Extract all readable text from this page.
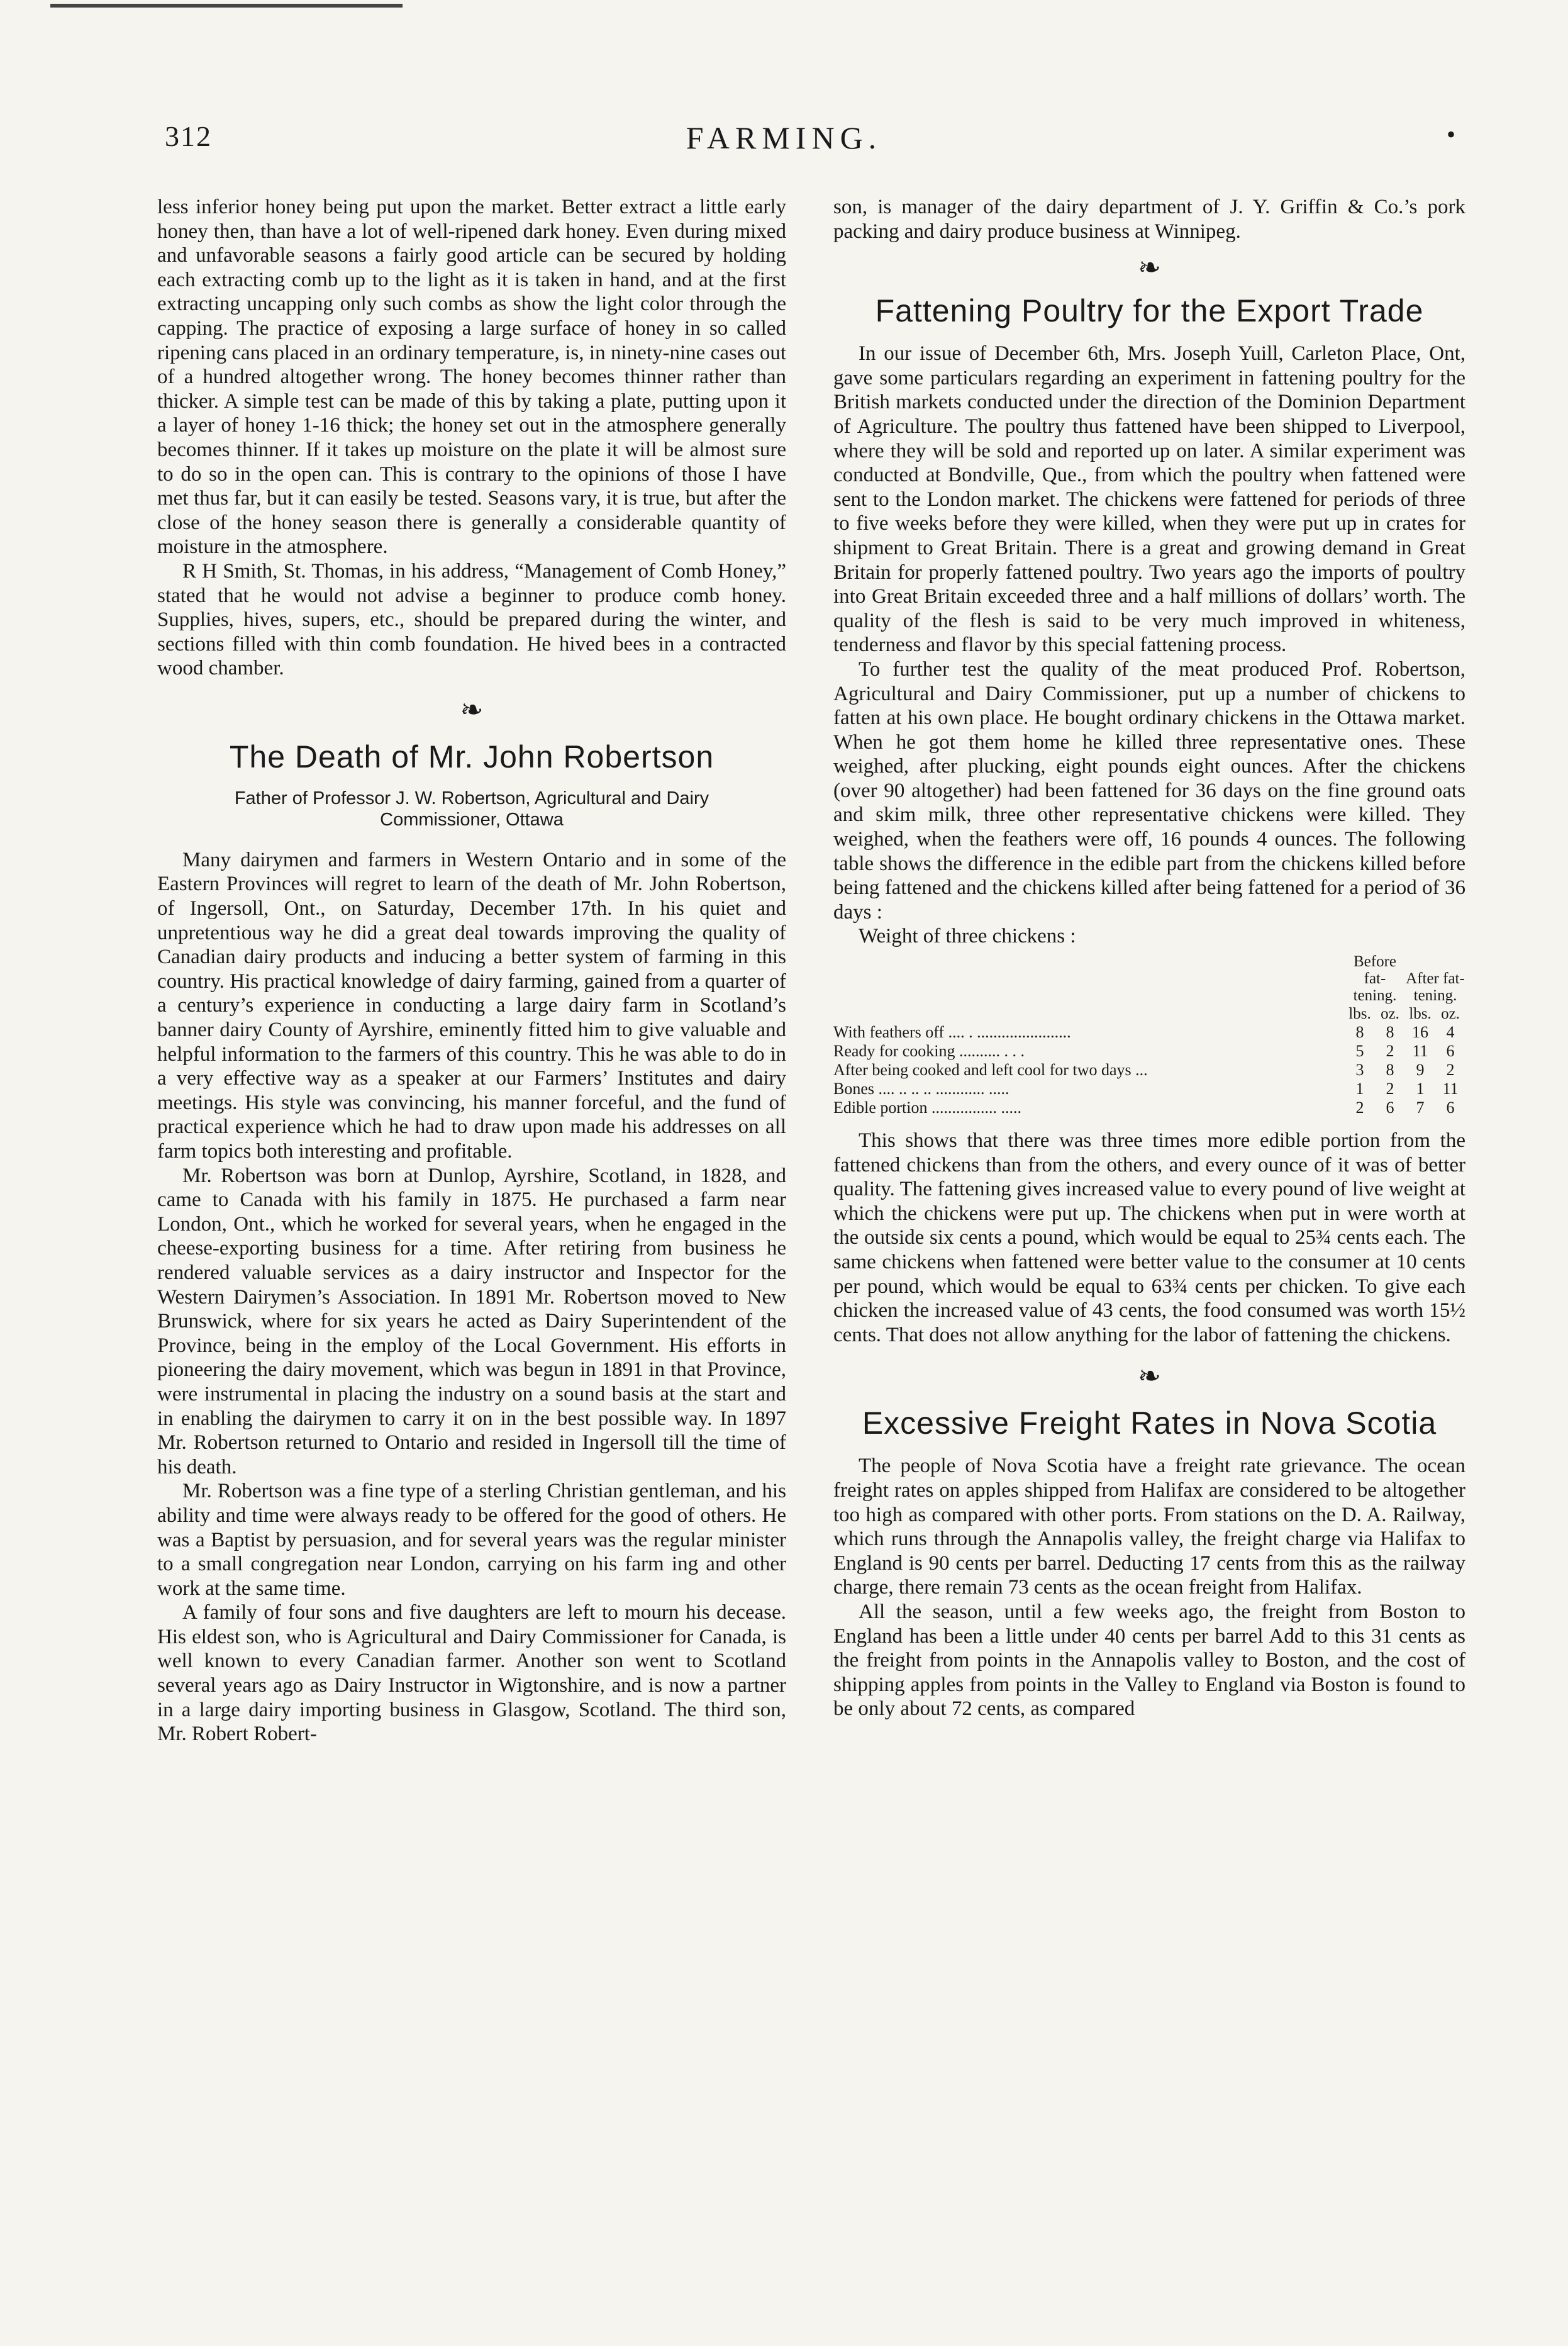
312	FARMING.	•

less inferior honey being put upon the market. Better extract a little early honey then, than have a lot of well-ripened dark honey. Even during mixed and unfavorable seasons a fairly good article can be secured by holding each extracting comb up to the light as it is taken in hand, and at the first extracting uncapping only such combs as show the light color through the capping. The practice of exposing a large surface of honey in so called ripening cans placed in an ordinary temperature, is, in ninety-nine cases out of a hundred altogether wrong. The honey becomes thinner rather than thicker. A simple test can be made of this by taking a plate, putting upon it a layer of honey 1-16 thick; the honey set out in the atmosphere generally becomes thinner. If it takes up moisture on the plate it will be almost sure to do so in the open can. This is contrary to the opinions of those I have met thus far, but it can easily be tested. Seasons vary, it is true, but after the close of the honey season there is generally a considerable quantity of moisture in the atmosphere.

R H Smith, St. Thomas, in his address, “Management of Comb Honey,” stated that he would not advise a beginner to produce comb honey. Supplies, hives, supers, etc., should be prepared during the winter, and sections filled with thin comb foundation. He hived bees in a contracted wood chamber.

❧
The Death of Mr. John Robertson
Father of Professor J. W. Robertson, Agricultural and Dairy Commissioner, Ottawa

Many dairymen and farmers in Western Ontario and in some of the Eastern Provinces will regret to learn of the death of Mr. John Robertson, of Ingersoll, Ont., on Saturday, December 17th. In his quiet and unpretentious way he did a great deal towards improving the quality of Canadian dairy products and inducing a better system of farming in this country. His practical knowledge of dairy farming, gained from a quarter of a century’s experience in conducting a large dairy farm in Scotland’s banner dairy County of Ayrshire, eminently fitted him to give valuable and helpful information to the farmers of this country. This he was able to do in a very effective way as a speaker at our Farmers’ Institutes and dairy meetings. His style was convincing, his manner forceful, and the fund of practical experience which he had to draw upon made his addresses on all farm topics both interesting and profitable.

Mr. Robertson was born at Dunlop, Ayrshire, Scotland, in 1828, and came to Canada with his family in 1875. He purchased a farm near London, Ont., which he worked for several years, when he engaged in the cheese-exporting business for a time. After retiring from business he rendered valuable services as a dairy instructor and Inspector for the Western Dairymen’s Association. In 1891 Mr. Robertson moved to New Brunswick, where for six years he acted as Dairy Superintendent of the Province, being in the employ of the Local Government. His efforts in pioneering the dairy movement, which was begun in 1891 in that Province, were instrumental in placing the industry on a sound basis at the start and in enabling the dairymen to carry it on in the best possible way. In 1897 Mr. Robertson returned to Ontario and resided in Ingersoll till the time of his death.

Mr. Robertson was a fine type of a sterling Christian gentleman, and his ability and time were always ready to be offered for the good of others. He was a Baptist by persuasion, and for several years was the regular minister to a small congregation near London, carrying on his farm ing and other work at the same time.

A family of four sons and five daughters are left to mourn his decease. His eldest son, who is Agricultural and Dairy Commissioner for Canada, is well known to every Canadian farmer. Another son went to Scotland several years ago as Dairy Instructor in Wigtonshire, and is now a partner in a large dairy importing business in Glasgow, Scotland. The third son, Mr. Robert Robert-

son, is manager of the dairy department of J. Y. Griffin & Co.’s pork packing and dairy produce business at Winnipeg.

❧
Fattening Poultry for the Export Trade

In our issue of December 6th, Mrs. Joseph Yuill, Carleton Place, Ont, gave some particulars regarding an experiment in fattening poultry for the British markets conducted under the direction of the Dominion Department of Agriculture. The poultry thus fattened have been shipped to Liverpool, where they will be sold and reported up on later. A similar experiment was conducted at Bondville, Que., from which the poultry when fattened were sent to the London market. The chickens were fattened for periods of three to five weeks before they were killed, when they were put up in crates for shipment to Great Britain. There is a great and growing demand in Great Britain for properly fattened poultry. Two years ago the imports of poultry into Great Britain exceeded three and a half millions of dollars’ worth. The quality of the flesh is said to be very much improved in whiteness, tenderness and flavor by this special fattening process.

To further test the quality of the meat produced Prof. Robertson, Agricultural and Dairy Commissioner, put up a number of chickens to fatten at his own place. He bought ordinary chickens in the Ottawa market. When he got them home he killed three representative ones. These weighed, after plucking, eight pounds eight ounces. After the chickens (over 90 altogether) had been fattened for 36 days on the fine ground oats and skim milk, three other representative chickens were killed. They weighed, when the feathers were off, 16 pounds 4 ounces. The following table shows the difference in the edible part from the chickens killed before being fattened and the chickens killed after being fattened for a period of 36 days :

Weight of three chickens :

	Before fat-tening.		After fat-tening.	
	lbs.	oz.	lbs.	oz.
With feathers off .... . .......................	8	8	16	4
Ready for cooking .......... . . .	5	2	11	6
After being cooked and left cool for two days ...	3	8	9	2
Bones .... .. .. .. ............ .....	1	2	1	11
Edible portion ................ .....	2	6	7	6

This shows that there was three times more edible portion from the fattened chickens than from the others, and every ounce of it was of better quality. The fattening gives increased value to every pound of live weight at which the chickens were put up. The chickens when put in were worth at the outside six cents a pound, which would be equal to 25¾ cents each. The same chickens when fattened were better value to the consumer at 10 cents per pound, which would be equal to 63¾ cents per chicken. To give each chicken the increased value of 43 cents, the food consumed was worth 15½ cents. That does not allow anything for the labor of fattening the chickens.

❧
Excessive Freight Rates in Nova Scotia

The people of Nova Scotia have a freight rate grievance. The ocean freight rates on apples shipped from Halifax are considered to be altogether too high as compared with other ports. From stations on the D. A. Railway, which runs through the Annapolis valley, the freight charge via Halifax to England is 90 cents per barrel. Deducting 17 cents from this as the railway charge, there remain 73 cents as the ocean freight from Halifax.

All the season, until a few weeks ago, the freight from Boston to England has been a little under 40 cents per barrel Add to this 31 cents as the freight from points in the Annapolis valley to Boston, and the cost of shipping apples from points in the Valley to England via Boston is found to be only about 72 cents, as compared
